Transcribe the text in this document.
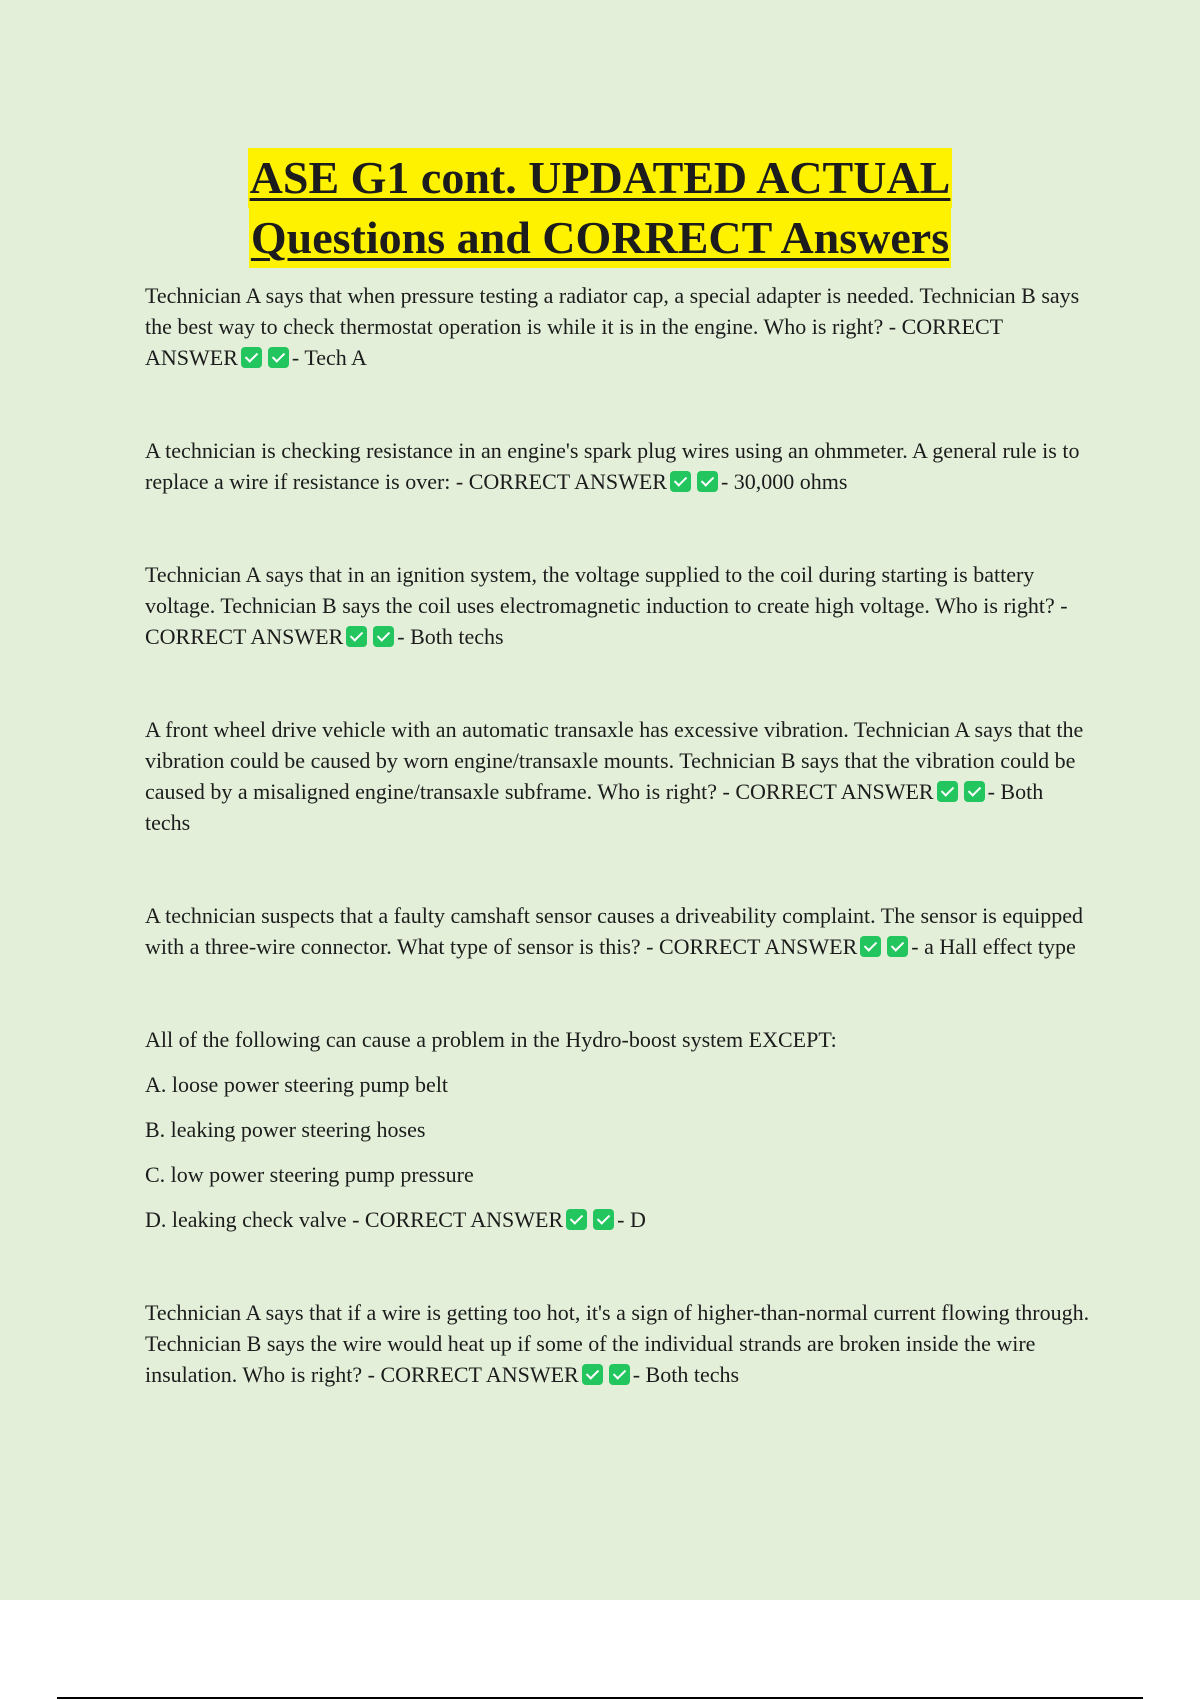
ASE G1 cont. UPDATED ACTUAL
Questions and CORRECT Answers

Technician A says that when pressure testing a radiator cap, a special adapter is needed. Technician B says the best way to check thermostat operation is while it is in the engine. Who is right? - CORRECT ANSWER - Tech A

A technician is checking resistance in an engine's spark plug wires using an ohmmeter. A general rule is to replace a wire if resistance is over: - CORRECT ANSWER - 30,000 ohms

Technician A says that in an ignition system, the voltage supplied to the coil during starting is battery voltage. Technician B says the coil uses electromagnetic induction to create high voltage. Who is right? - CORRECT ANSWER - Both techs

A front wheel drive vehicle with an automatic transaxle has excessive vibration. Technician A says that the vibration could be caused by worn engine/transaxle mounts. Technician B says that the vibration could be caused by a misaligned engine/transaxle subframe. Who is right? - CORRECT ANSWER - Both techs

A technician suspects that a faulty camshaft sensor causes a driveability complaint. The sensor is equipped with a three-wire connector. What type of sensor is this? - CORRECT ANSWER - a Hall effect type

All of the following can cause a problem in the Hydro-boost system EXCEPT:

A. loose power steering pump belt

B. leaking power steering hoses

C. low power steering pump pressure

D. leaking check valve - CORRECT ANSWER - D

Technician A says that if a wire is getting too hot, it's a sign of higher-than-normal current flowing through. Technician B says the wire would heat up if some of the individual strands are broken inside the wire insulation. Who is right? - CORRECT ANSWER - Both techs
